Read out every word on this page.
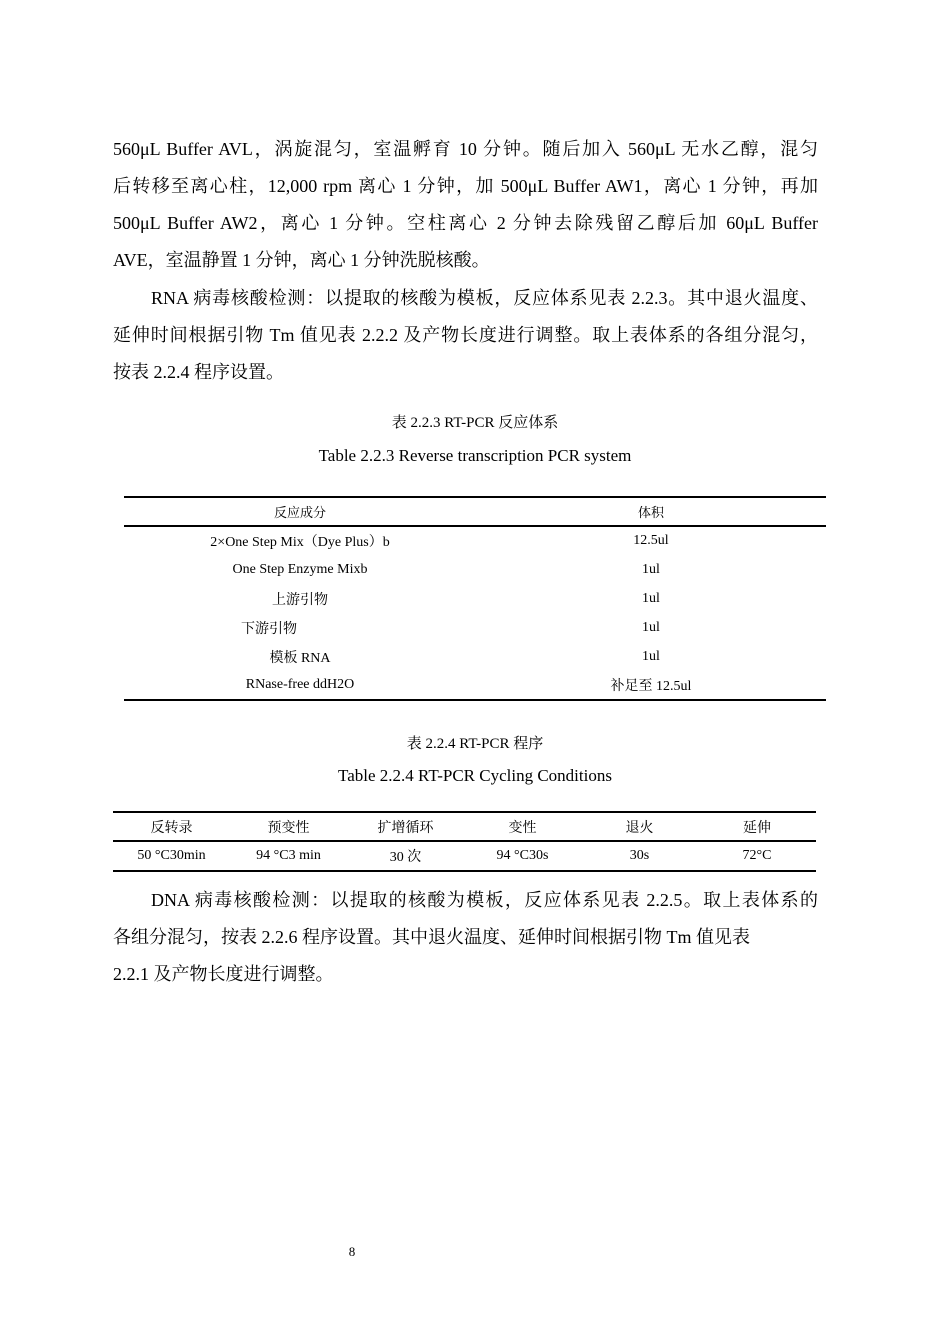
560μL Buffer AVL，涡旋混匀，室温孵育 10 分钟。随后加入 560μL 无水乙醇，混匀
后转移至离心柱，12,000 rpm 离心 1 分钟，加 500μL Buffer AW1，离心 1 分钟，再加
500μL Buffer AW2，离心 1 分钟。空柱离心 2 分钟去除残留乙醇后加 60μL Buffer
AVE，室温静置 1 分钟，离心 1 分钟洗脱核酸。

RNA 病毒核酸检测：以提取的核酸为模板，反应体系见表 2.2.3。其中退火温度、
延伸时间根据引物 Tm 值见表 2.2.2 及产物长度进行调整。取上表体系的各组分混匀，
按表 2.2.4 程序设置。

表 2.2.3 RT-PCR 反应体系
Table 2.2.3 Reverse transcription PCR system
反应成分	体积
2×One Step Mix（Dye Plus）b	12.5ul
One Step Enzyme Mixb	1ul
上游引物	1ul
下游引物	1ul
模板 RNA	1ul
RNase-free ddH2O	补足至 12.5ul
表 2.2.4 RT-PCR 程序
Table 2.2.4 RT-PCR Cycling Conditions
反转录	预变性	扩增循环	变性	退火	延伸
50 °C30min	94 °C3 min	30 次	94 °C30s	30s	72°C

DNA 病毒核酸检测：以提取的核酸为模板，反应体系见表 2.2.5。取上表体系的
各组分混匀，按表 2.2.6 程序设置。其中退火温度、延伸时间根据引物 Tm 值见表
2.2.1 及产物长度进行调整。

8
